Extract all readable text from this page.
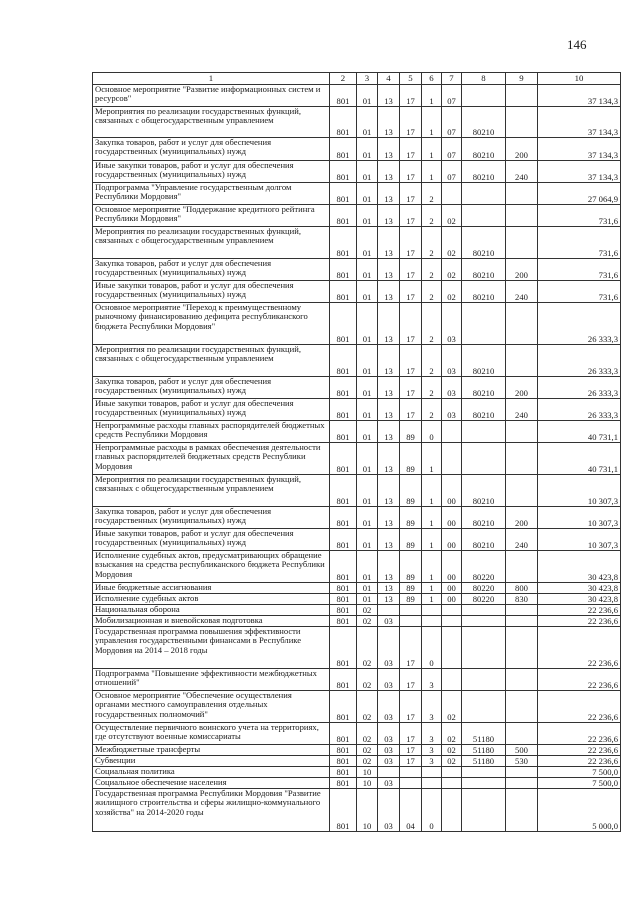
146
1	2	3	4	5	6	7	8	9	10
Основное мероприятие "Развитие информационных систем и ресурсов"	801	01	13	17	1	07			37 134,3
Мероприятия по реализации государственных функций, связанных с общегосударственным управлением	801	01	13	17	1	07	80210		37 134,3
Закупка товаров, работ и услуг для обеспечения государственных (муниципальных) нужд	801	01	13	17	1	07	80210	200	37 134,3
Иные закупки товаров, работ и услуг для обеспечения государственных (муниципальных) нужд	801	01	13	17	1	07	80210	240	37 134,3
Подпрограмма "Управление государственным долгом Республики Мордовия"	801	01	13	17	2				27 064,9
Основное мероприятие "Поддержание кредитного рейтинга Республики Мордовия"	801	01	13	17	2	02			731,6
Мероприятия по реализации государственных функций, связанных с общегосударственным управлением	801	01	13	17	2	02	80210		731,6
Закупка товаров, работ и услуг для обеспечения государственных (муниципальных) нужд	801	01	13	17	2	02	80210	200	731,6
Иные закупки товаров, работ и услуг для обеспечения государственных (муниципальных) нужд	801	01	13	17	2	02	80210	240	731,6
Основное мероприятие "Переход к преимущественному рыночному финансированию дефицита республиканского бюджета Республики Мордовия"	801	01	13	17	2	03			26 333,3
Мероприятия по реализации государственных функций, связанных с общегосударственным управлением	801	01	13	17	2	03	80210		26 333,3
Закупка товаров, работ и услуг для обеспечения государственных (муниципальных) нужд	801	01	13	17	2	03	80210	200	26 333,3
Иные закупки товаров, работ и услуг для обеспечения государственных (муниципальных) нужд	801	01	13	17	2	03	80210	240	26 333,3
Непрограммные расходы главных распорядителей бюджетных средств Республики Мордовия	801	01	13	89	0				40 731,1
Непрограммные расходы в рамках обеспечения деятельности главных распорядителей бюджетных средств Республики Мордовия	801	01	13	89	1				40 731,1
Мероприятия по реализации государственных функций, связанных с общегосударственным управлением	801	01	13	89	1	00	80210		10 307,3
Закупка товаров, работ и услуг для обеспечения государственных (муниципальных) нужд	801	01	13	89	1	00	80210	200	10 307,3
Иные закупки товаров, работ и услуг для обеспечения государственных (муниципальных) нужд	801	01	13	89	1	00	80210	240	10 307,3
Исполнение судебных актов, предусматривающих обращение взыскания на средства республиканского бюджета Республики Мордовия	801	01	13	89	1	00	80220		30 423,8
Иные бюджетные ассигнования	801	01	13	89	1	00	80220	800	30 423,8
Исполнение судебных актов	801	01	13	89	1	00	80220	830	30 423,8
Национальная оборона	801	02							22 236,6
Мобилизационная и вневойсковая подготовка	801	02	03						22 236,6
Государственная программа повышения эффективности управления государственными финансами в Республике Мордовия на 2014 – 2018 годы	801	02	03	17	0				22 236,6
Подпрограмма "Повышение эффективности межбюджетных отношений"	801	02	03	17	3				22 236,6
Основное мероприятие "Обеспечение осуществления органами местного самоуправления отдельных государственных полномочий"	801	02	03	17	3	02			22 236,6
Осуществление первичного воинского учета на территориях, где отсутствуют военные комиссариаты	801	02	03	17	3	02	51180		22 236,6
Межбюджетные трансферты	801	02	03	17	3	02	51180	500	22 236,6
Субвенции	801	02	03	17	3	02	51180	530	22 236,6
Социальная политика	801	10							7 500,0
Социальное обеспечение населения	801	10	03						7 500,0
Государственная программа Республики Мордовия "Развитие жилищного строительства и сферы жилищно-коммунального хозяйства" на 2014-2020 годы	801	10	03	04	0				5 000,0
